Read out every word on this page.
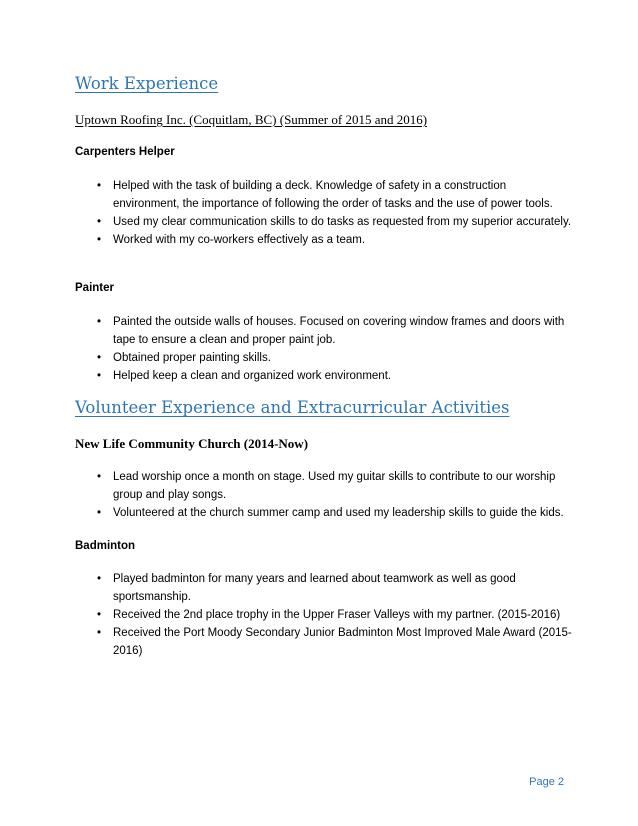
Work Experience
Uptown Roofing Inc. (Coquitlam, BC) (Summer of 2015 and 2016)
Carpenters Helper
• Helped with the task of building a deck. Knowledge of safety in a construction environment, the importance of following the order of tasks and the use of power tools.
• Used my clear communication skills to do tasks as requested from my superior accurately.
• Worked with my co-workers effectively as a team.
Painter
• Painted the outside walls of houses. Focused on covering window frames and doors with tape to ensure a clean and proper paint job.
• Obtained proper painting skills.
• Helped keep a clean and organized work environment.
Volunteer Experience and Extracurricular Activities
New Life Community Church (2014-Now)
• Lead worship once a month on stage. Used my guitar skills to contribute to our worship group and play songs.
• Volunteered at the church summer camp and used my leadership skills to guide the kids.
Badminton
• Played badminton for many years and learned about teamwork as well as good sportsmanship.
• Received the 2nd place trophy in the Upper Fraser Valleys with my partner. (2015-2016)
• Received the Port Moody Secondary Junior Badminton Most Improved Male Award (2015-2016)
Page 2
